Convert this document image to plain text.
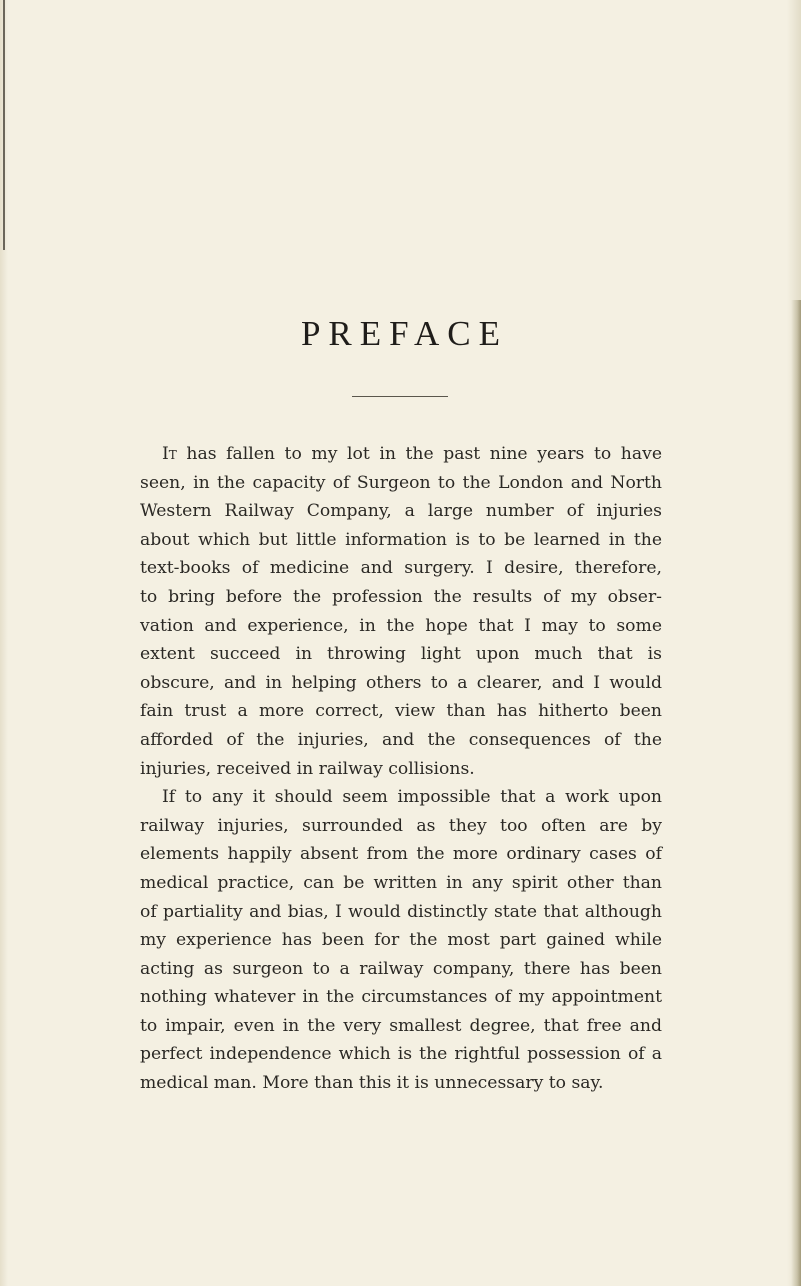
PREFACE
It has fallen to my lot in the past nine years to have
seen, in the capacity of Surgeon to the London and North
Western Railway Company, a large number of injuries
about which but little information is to be learned in the
text-books of medicine and surgery. I desire, therefore,
to bring before the profession the results of my obser-
vation and experience, in the hope that I may to some
extent succeed in throwing light upon much that is
obscure, and in helping others to a clearer, and I would
fain trust a more correct, view than has hitherto been
afforded of the injuries, and the consequences of the
injuries, received in railway collisions.
If to any it should seem impossible that a work upon
railway injuries, surrounded as they too often are by
elements happily absent from the more ordinary cases of
medical practice, can be written in any spirit other than
of partiality and bias, I would distinctly state that although
my experience has been for the most part gained while
acting as surgeon to a railway company, there has been
nothing whatever in the circumstances of my appointment
to impair, even in the very smallest degree, that free and
perfect independence which is the rightful possession of a
medical man. More than this it is unnecessary to say.
